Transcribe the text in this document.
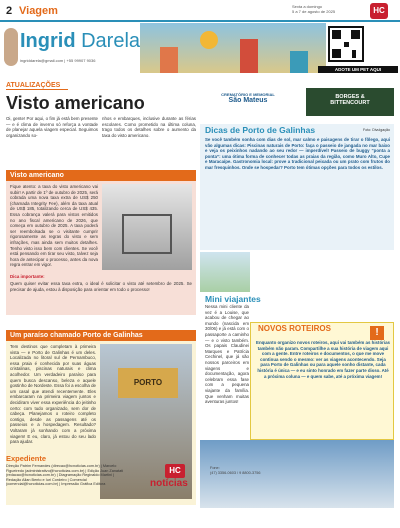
2 Viagem	Sexta a domingo
5 a 7 de agosto de 2025	HC
Ingrid Darela
ingriddarela@gmail.com | +55 99907 9036
ADOTE UM PET AQUI
ATUALIZAÇÕES
Visto americano
Oi, gente! Por aqui, o fim já está bem presente — e é clima de inverno só reforça a vontade de planejar aquela viagem especial. Seguimos organizando so-
nhos e embarques, inclusive durante as férias escolares. Como prometido na última coluna, trago todos os detalhes sobre o aumento da taxa do visto americano.
CREMATÓRIO E MEMORIAL
São Mateus	BORGES &
BITTENCOURT
Dicas de Porto de Galinhas	Foto: Divulgação
Se você também sonha com dias de sol, mar calmo e paisagens de tirar o fôlego, aqui vão algumas dicas: Piscinas naturais de Porto: faça o passeio de jangada no mar baixo e veja os peixinhos nadando ao seu redor — imperdível! Passeio de buggy “ponta a ponta”: uma ótima forma de conhecer todas as praias da região, como Muro Alto, Cupe e Maracaípe. Gastronomia local: prove a tradicional peixada ou um prato com frutos do mar fresquinhos. Onde se hospedar? Porto tem ótimas opções para todos os estilos.
Visto americano
Fique atento: a taxa do visto americano vai subir! A partir de 1º de outubro de 2025, será cobrada uma nova taxa extra de US$ 250 (chamada Integrity Fee), além da taxa atual de US$ 185, totalizando cerca de US$ 435. Essa cobrança valerá para vistos emitidos no ano fiscal americano de 2026, que começa em outubro de 2025. A taxa poderá ser reembolsada se o visitante cumprir rigorosamente as regras do visto e sem infrações, mas ainda sem muitos detalhes. Tenho visto isso bem com clientes. Se você está pensando em tirar seu visto, talvez seja hora de antecipar o processo, antes da nova regra entrar em vigor.
Dica importante:
Quem quiser evitar essa taxa extra, o ideal é solicitar o visto até setembro de 2025. Se precisar de ajuda, estou à disposição para orientar em todo o processo!
Mini viajantes
Nessa mini cliente da vez é a Louise, que acabou de chegar ao mundo (nascida em 30/06) e já está com o passaporte a caminho — e o visto também. Os papais Claudinei Marques e Patrícia Cechinel, que já são nossos parceiros em viagens e documentação, agora celebram essa fase com a pequena viajante da família. Que venham muitas aventuras juntos!
Um paraíso chamado Porto de Galinhas
Tem destinos que completam à primeira vista — e Porto de Galinhas é um deles. Localizada no litoral sul de Pernambuco, essa praia é conhecida por suas águas cristalinas, piscinas naturais e clima acolhedor. Um verdadeiro paraíso para quem busca descanso, beleza e aquele gostinho de Nordeste. Essa foi a escolha de um casal que atendi recentemente. Eles embarcaram na primeira viagem juntos e decidiram viver essa experiência do jeitinho certo: com tudo organizado, sem dor de cabeça. Planejamos o roteiro completo contigo, desde as passagens até os passeios e a hospedagem. Resultado? Voltaram já sonhando com a próxima viagem! E eu, claro, já estou do seu lado para ajudar.
PORTO
NOVOS ROTEIROS	!
Enquanto organizo novos roteiros, aqui vai também as histórias também não param. Compartilhe a sua história de viagem aqui com a gente. Entre roteiros e documentos, o que me move continua sendo o mesmo: ver as viagens acontecendo. Seja para Porto de Galinhas ou para aquele sonho distante, cada história é única — e eu sinto honrado em fazer parte disso. Até a próxima coluna — e quem sabe, até a próxima viagem!
Expediente
Direção Patrim Fernandes (direcao@hcnoticias.com.br) | Marcelo Figueiredo (administrativo@hcnoticias.com.br) | Edição Juan Zanatati (redacao@hcnoticias.com.br) | Diagramação Reginaldo Martini | Redação Allan Bento e Iuri Cordeiro | Comercial (comercial@hcnoticias.com.br) | Impressão Gráfica Editora
HC
notícias
Fone:
(47) 3356-0603 / 9 8800-3756
